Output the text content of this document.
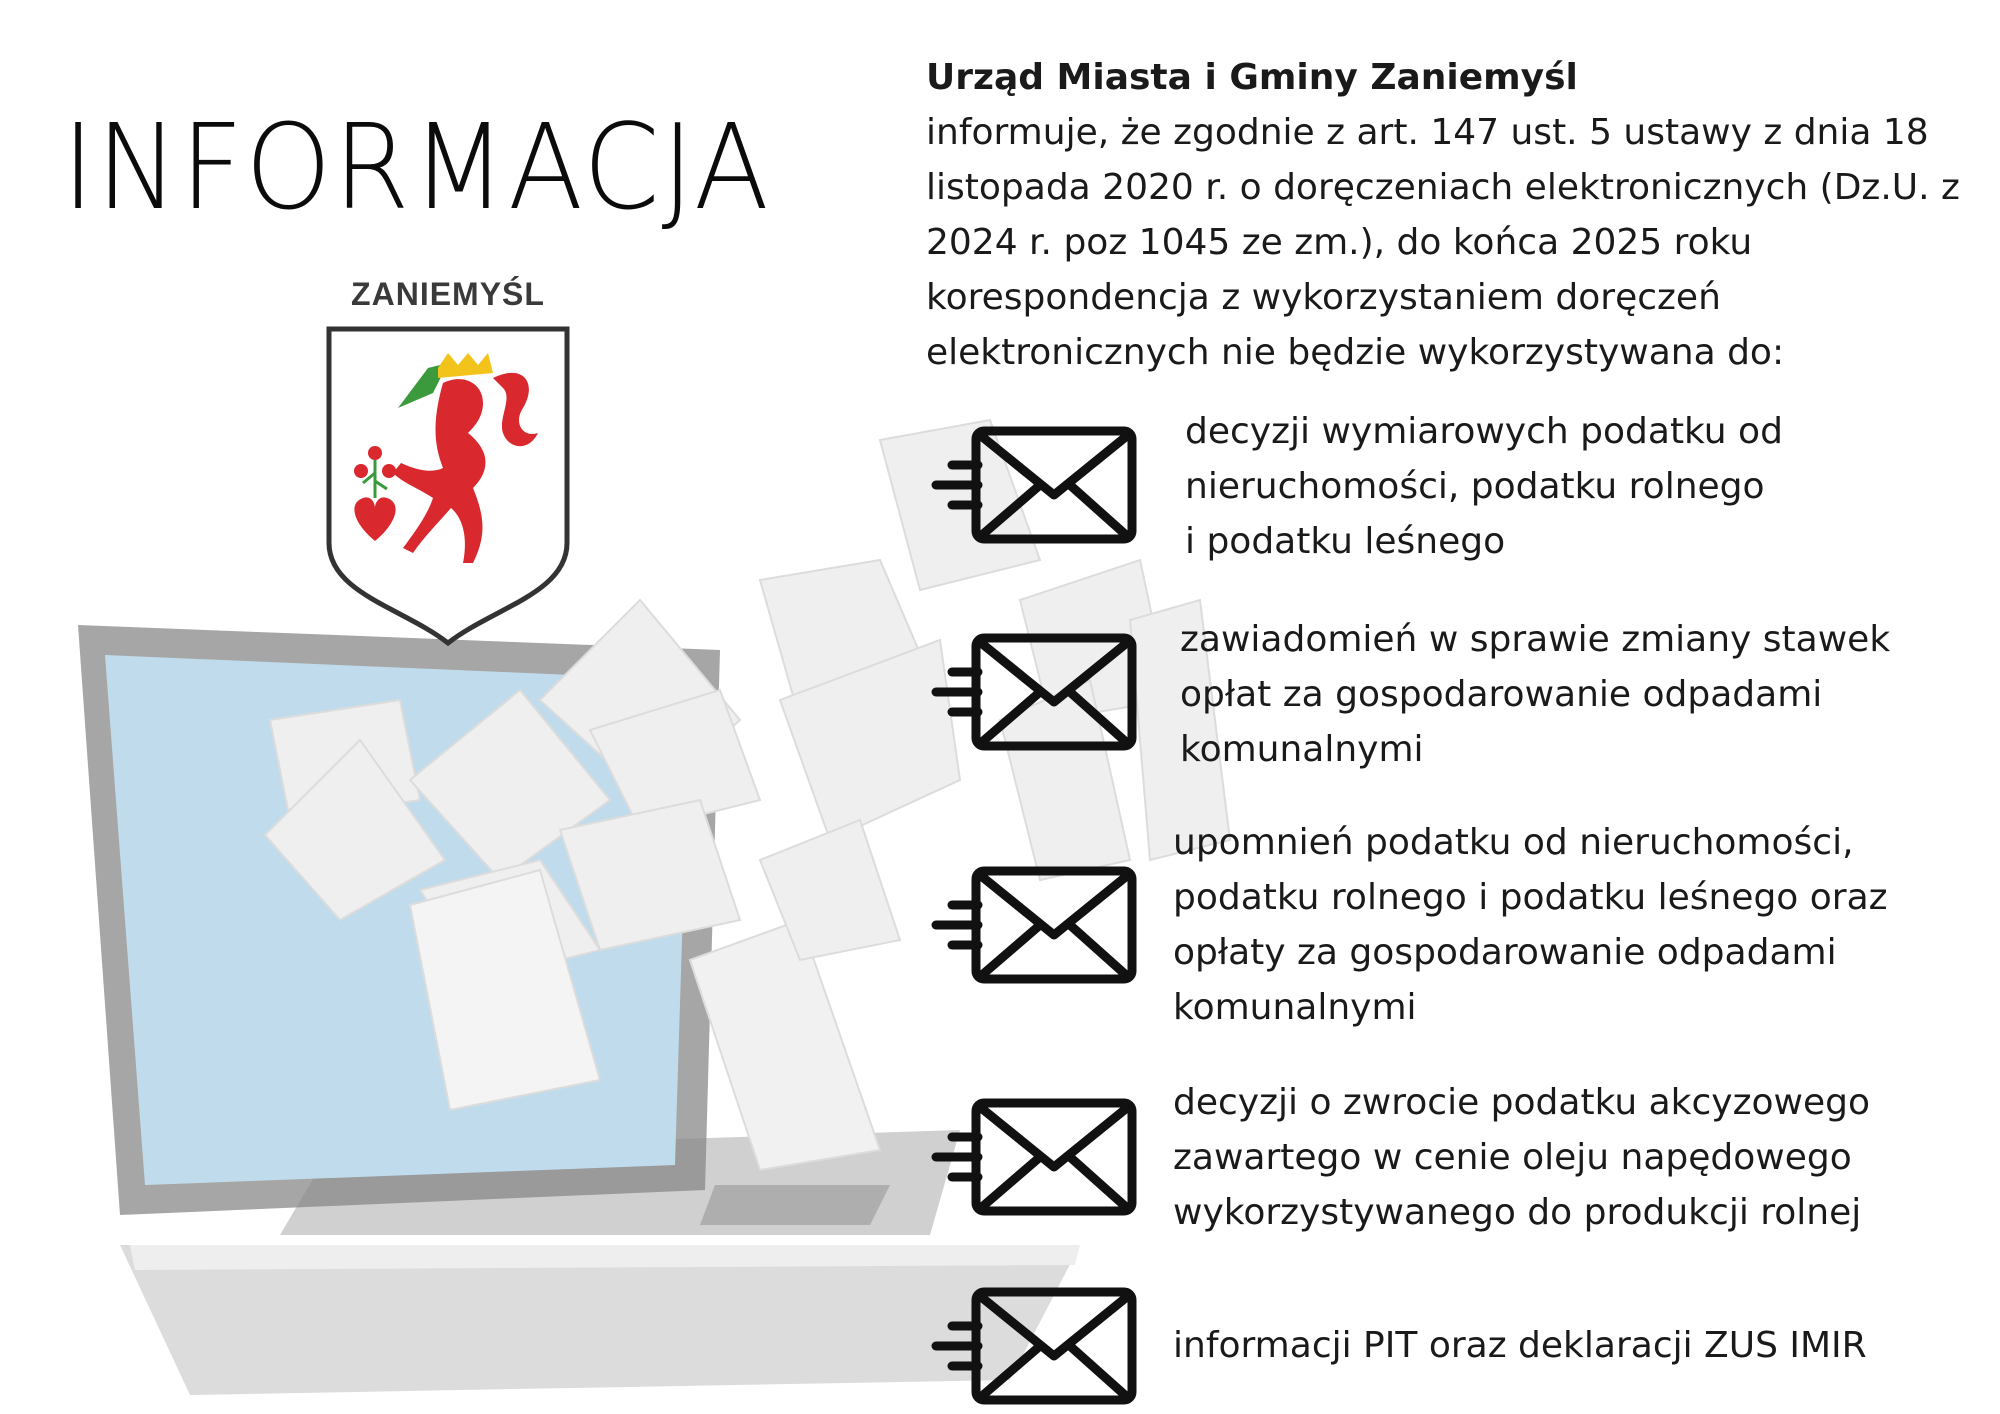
INFORMACJA
ZANIEMYŚL
Urząd Miasta i Gminy Zaniemyśl
informuje, że zgodnie z art. 147 ust. 5 ustawy z dnia 18 listopada 2020 r. o doręczeniach elektronicznych (Dz.U. z 2024 r. poz 1045 ze zm.), do końca 2025 roku korespondencja z wykorzystaniem doręczeń elektronicznych nie będzie wykorzystywana do:
decyzji wymiarowych podatku od
nieruchomości, podatku rolnego
i podatku leśnego
zawiadomień w sprawie zmiany stawek
opłat za gospodarowanie odpadami
komunalnymi
upomnień podatku od nieruchomości,
podatku rolnego i podatku leśnego oraz
opłaty za gospodarowanie odpadami
komunalnymi
decyzji o zwrocie podatku akcyzowego
zawartego w cenie oleju napędowego
wykorzystywanego do produkcji rolnej
informacji PIT oraz deklaracji ZUS IMIR
